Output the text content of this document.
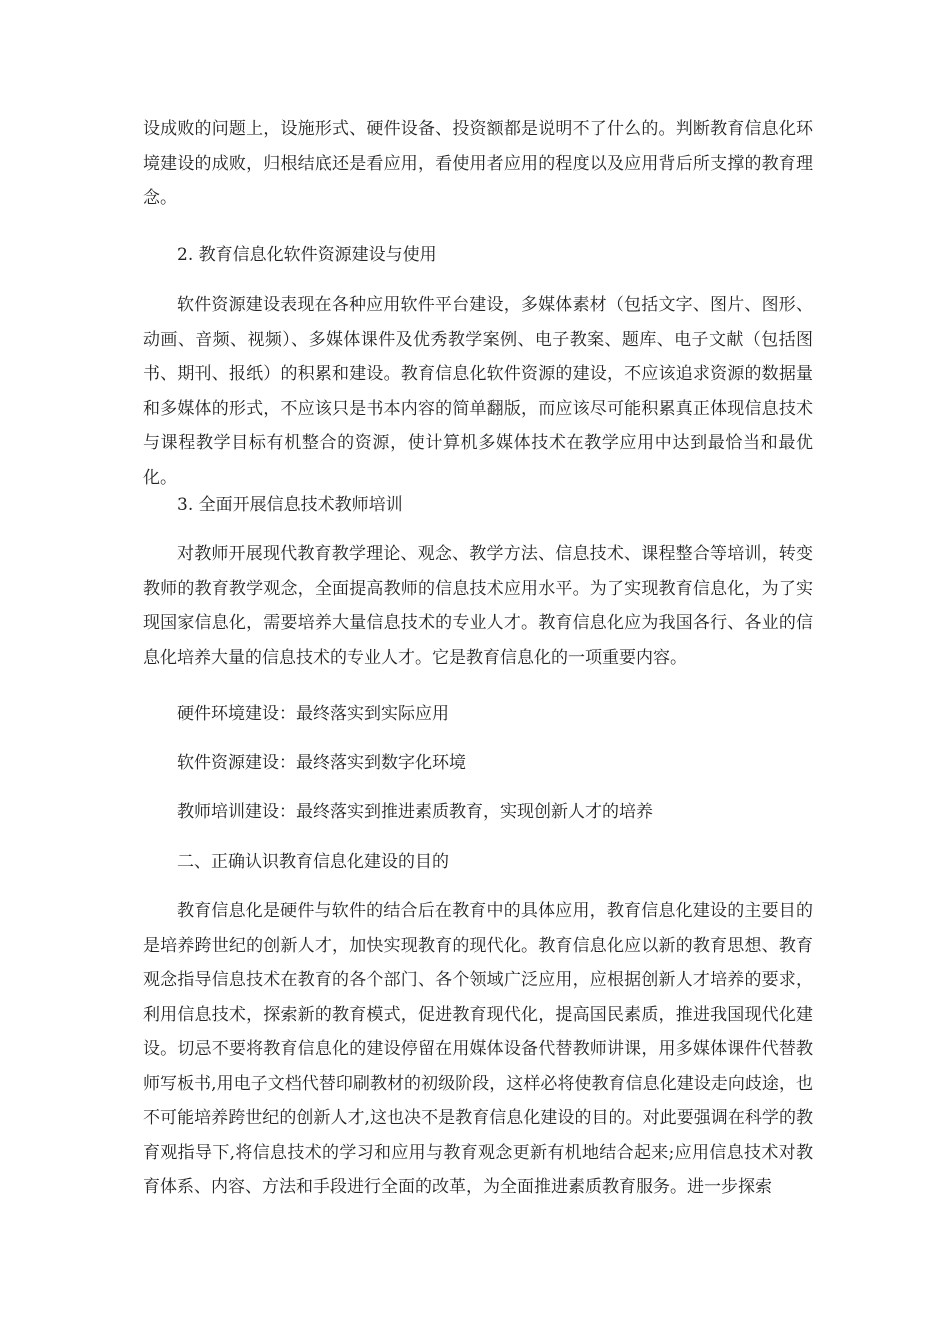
设成败的问题上，设施形式、硬件设备、投资额都是说明不了什么的。判断教育信息化环境建设的成败，归根结底还是看应用，看使用者应用的程度以及应用背后所支撑的教育理念。

2. 教育信息化软件资源建设与使用

软件资源建设表现在各种应用软件平台建设，多媒体素材（包括文字、图片、图形、动画、音频、视频）、多媒体课件及优秀教学案例、电子教案、题库、电子文献（包括图书、期刊、报纸）的积累和建设。教育信息化软件资源的建设，不应该追求资源的数据量和多媒体的形式，不应该只是书本内容的简单翻版，而应该尽可能积累真正体现信息技术与课程教学目标有机整合的资源，使计算机多媒体技术在教学应用中达到最恰当和最优化。

3. 全面开展信息技术教师培训

对教师开展现代教育教学理论、观念、教学方法、信息技术、课程整合等培训，转变教师的教育教学观念，全面提高教师的信息技术应用水平。为了实现教育信息化，为了实现国家信息化，需要培养大量信息技术的专业人才。教育信息化应为我国各行、各业的信息化培养大量的信息技术的专业人才。它是教育信息化的一项重要内容。

硬件环境建设：最终落实到实际应用

软件资源建设：最终落实到数字化环境

教师培训建设：最终落实到推进素质教育，实现创新人才的培养

二、正确认识教育信息化建设的目的

教育信息化是硬件与软件的结合后在教育中的具体应用，教育信息化建设的主要目的是培养跨世纪的创新人才，加快实现教育的现代化。教育信息化应以新的教育思想、教育观念指导信息技术在教育的各个部门、各个领域广泛应用，应根据创新人才培养的要求，利用信息技术，探索新的教育模式，促进教育现代化，提高国民素质，推进我国现代化建设。切忌不要将教育信息化的建设停留在用媒体设备代替教师讲课，用多媒体课件代替教师写板书,用电子文档代替印刷教材的初级阶段，这样必将使教育信息化建设走向歧途，也不可能培养跨世纪的创新人才,这也决不是教育信息化建设的目的。对此要强调在科学的教育观指导下,将信息技术的学习和应用与教育观念更新有机地结合起来;应用信息技术对教育体系、内容、方法和手段进行全面的改革，为全面推进素质教育服务。进一步探索
